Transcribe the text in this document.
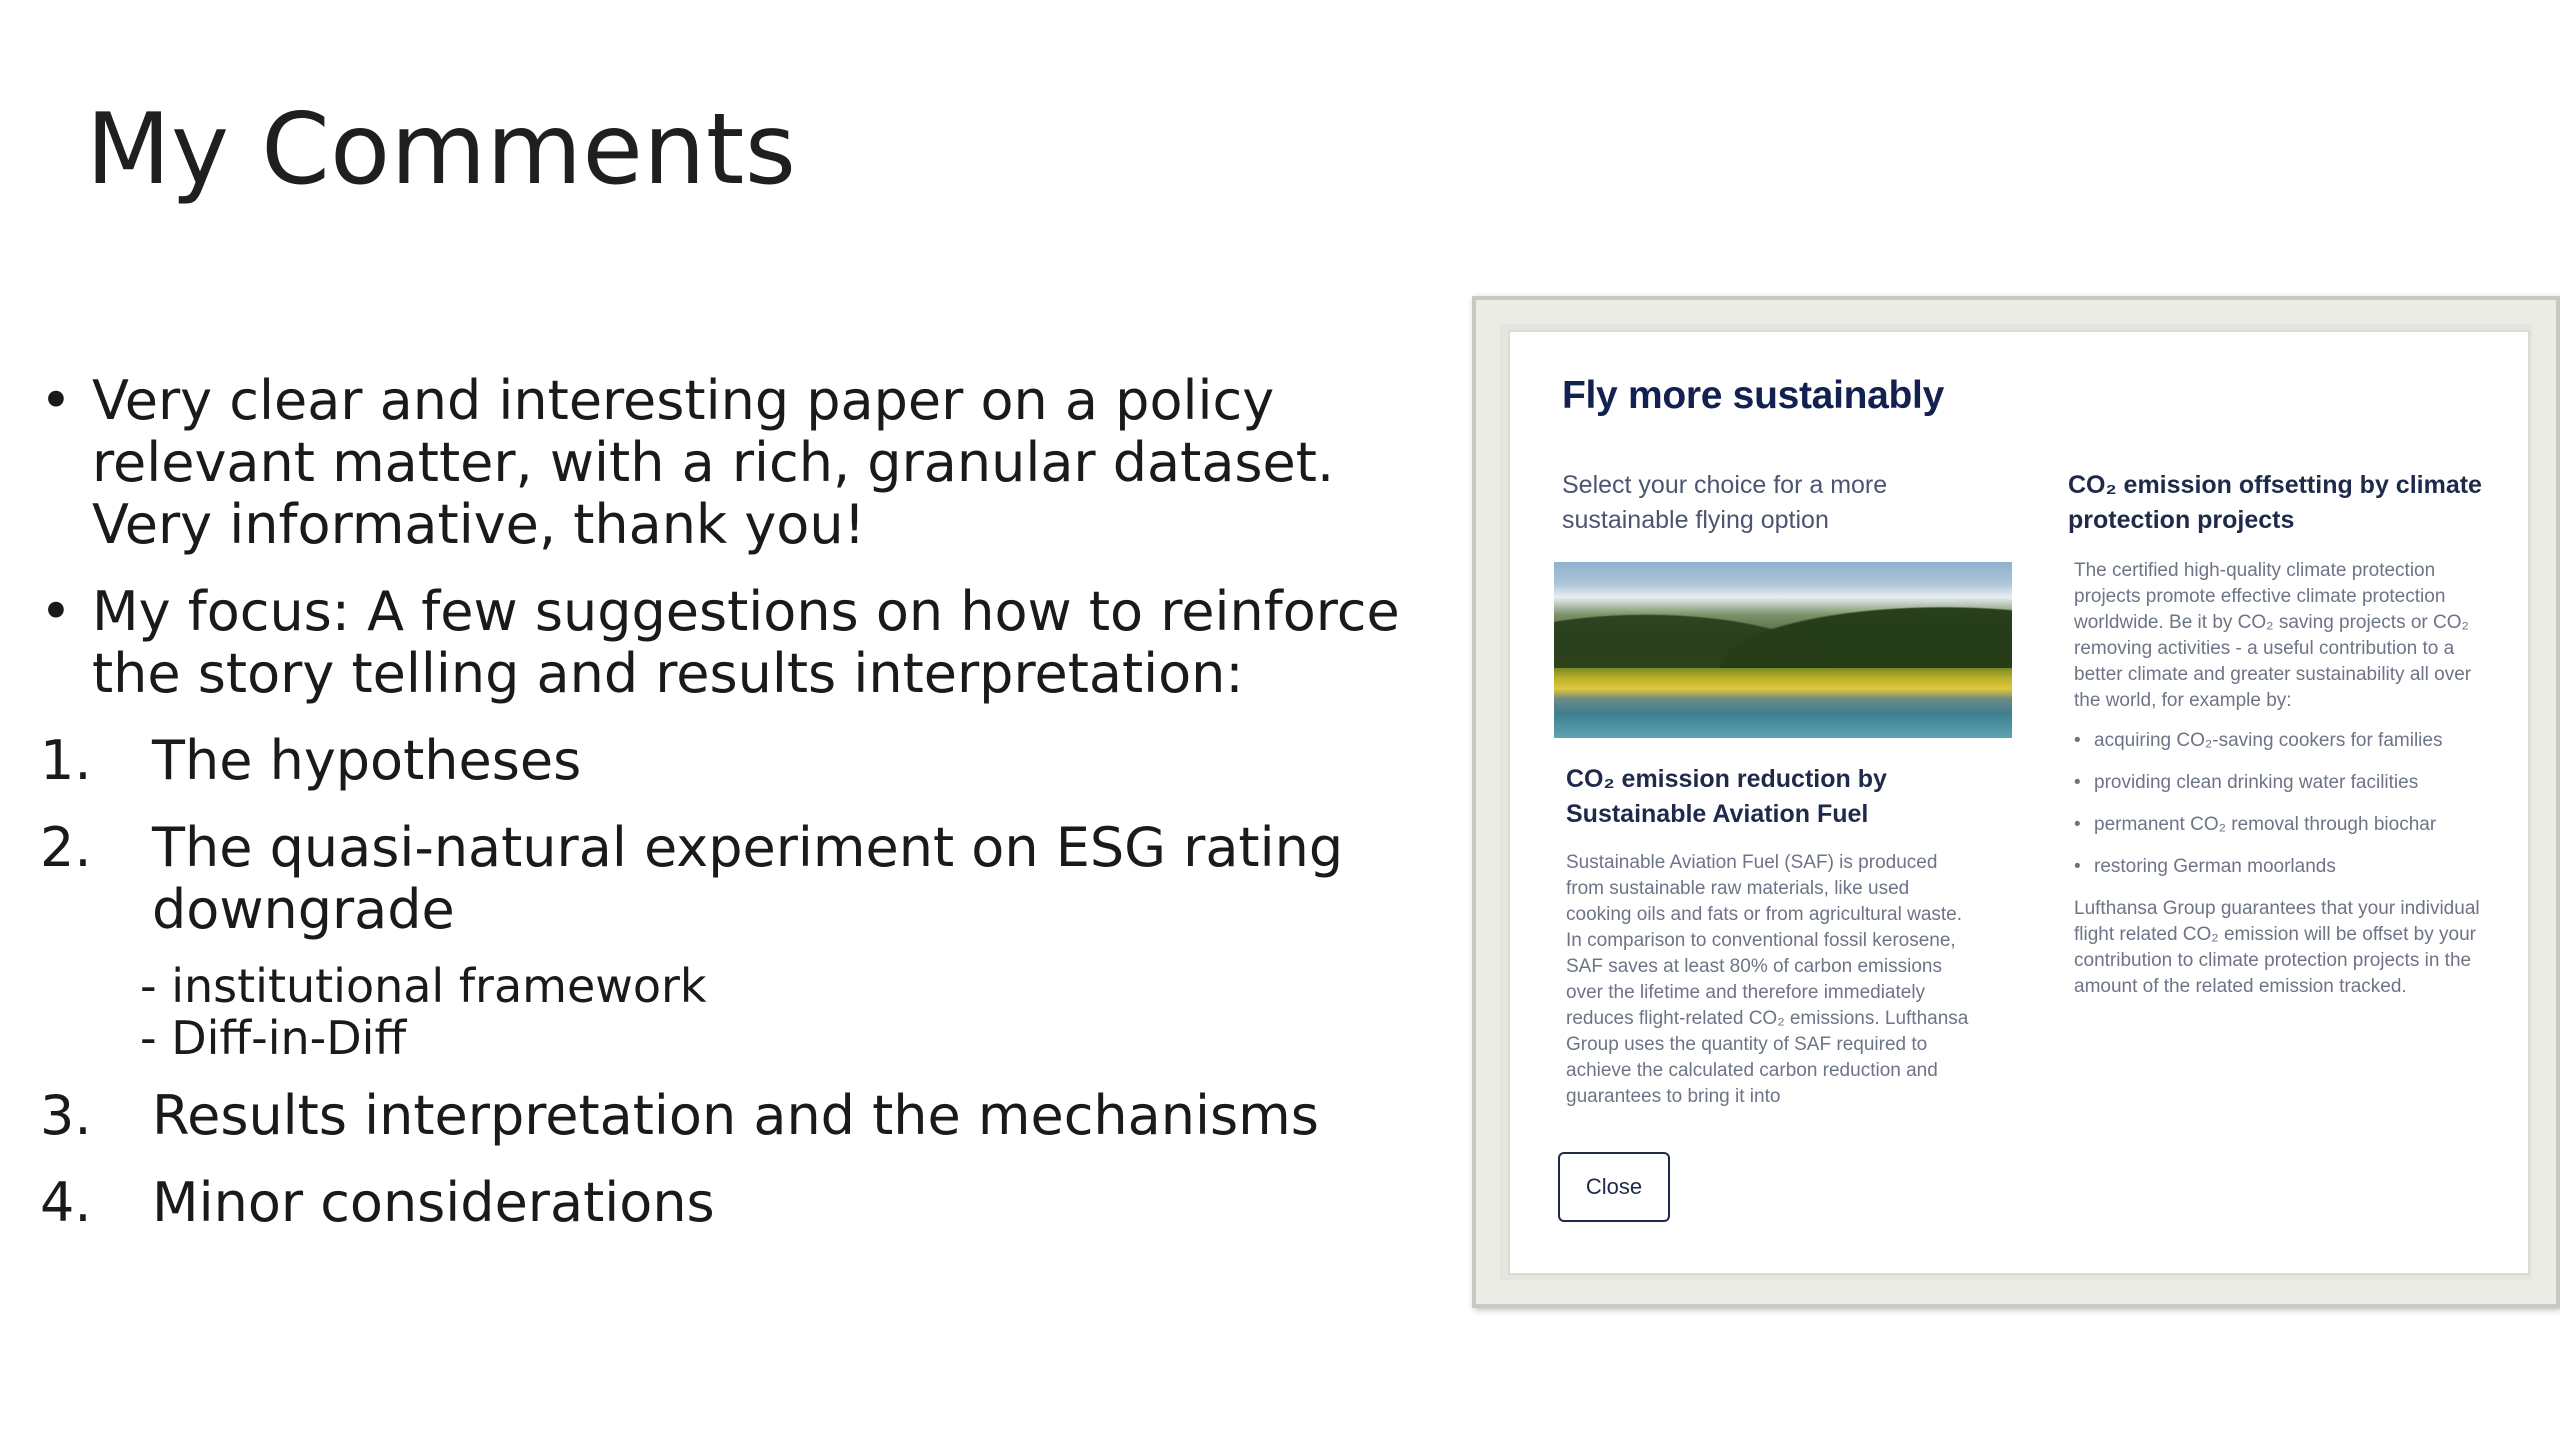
My Comments
• Very clear and interesting paper on a policy relevant matter, with a rich, granular dataset. Very informative, thank you!
• My focus: A few suggestions on how to reinforce the story telling and results interpretation:
1.	The hypotheses
2.	The quasi-natural experiment on ESG rating downgrade
- institutional framework
- Diff-in-Diff
3.	Results interpretation and the mechanisms
4.	Minor considerations
Fly more sustainably
Select your choice for a more sustainable flying option
CO₂ emission reduction by Sustainable Aviation Fuel
Sustainable Aviation Fuel (SAF) is produced from sustainable raw materials, like used cooking oils and fats or from agricultural waste. In comparison to conventional fossil kerosene, SAF saves at least 80% of carbon emissions over the lifetime and therefore immediately reduces flight-related CO₂ emissions. Lufthansa Group uses the quantity of SAF required to achieve the calculated carbon reduction and guarantees to bring it into
CO₂ emission offsetting by climate protection projects
The certified high-quality climate protection projects promote effective climate protection worldwide. Be it by CO₂ saving projects or CO₂ removing activities - a useful contribution to a better climate and greater sustainability all over the world, for example by:
• acquiring CO₂-saving cookers for families
• providing clean drinking water facilities
• permanent CO₂ removal through biochar
• restoring German moorlands
Lufthansa Group guarantees that your individual flight related CO₂ emission will be offset by your contribution to climate protection projects in the amount of the related emission tracked.
Close
